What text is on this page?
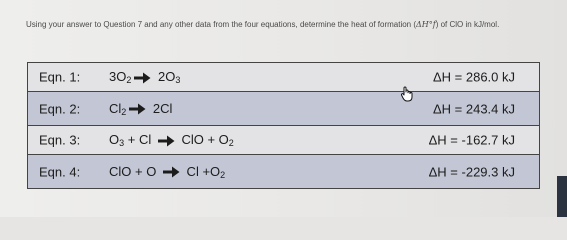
Using your answer to Question 7 and any other data from the four equations, determine the heat of formation (ΔH°f) of ClO in kJ/mol.
Eqn. 1: $3O_2$ $2O_3$	ΔH = 286.0 kJ
Eqn. 2: $Cl_2$ 2Cl	ΔH = 243.4 kJ
Eqn. 3: $O_3 + Cl$  ClO + $O_2$	ΔH = -162.7 kJ
Eqn. 4: ClO + O  $Cl +O_2$	ΔH = -229.3 kJ
